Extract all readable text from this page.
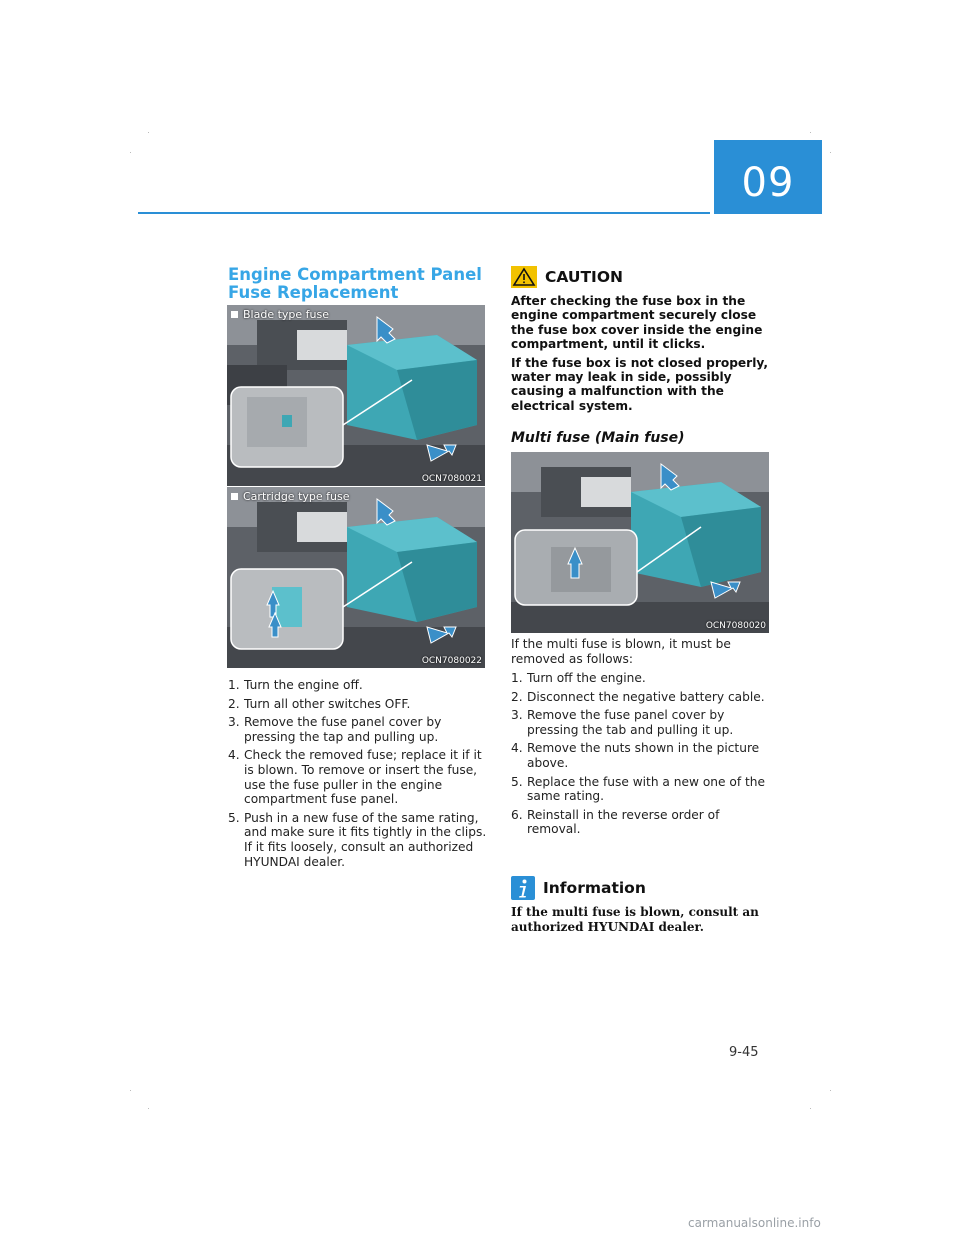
09
Engine Compartment Panel Fuse Replacement
Blade type fuse
OCN7080021
Cartridge type fuse
OCN7080022
1. Turn the engine off.
2. Turn all other switches OFF.
3. Remove the fuse panel cover by pressing the tap and pulling up.
4. Check the removed fuse; replace it if it is blown. To remove or insert the fuse, use the fuse puller in the engine compartment fuse panel.
5. Push in a new fuse of the same rating, and make sure it fits tightly in the clips. If it fits loosely, consult an authorized HYUNDAI dealer.
CAUTION

After checking the fuse box in the engine compartment securely close the fuse box cover inside the engine compartment, until it clicks.

If the fuse box is not closed properly, water may leak in side, possibly causing a malfunction with the electrical system.

Multi fuse (Main fuse)
OCN7080020

If the multi fuse is blown, it must be removed as follows:

1. Turn off the engine.
2. Disconnect the negative battery cable.
3. Remove the fuse panel cover by pressing the tab and pulling it up.
4. Remove the nuts shown in the picture above.
5. Replace the fuse with a new one of the same rating.
6. Reinstall in the reverse order of removal.
Information
If the multi fuse is blown, consult an authorized HYUNDAI dealer.
9-45
carmanualsonline.info
